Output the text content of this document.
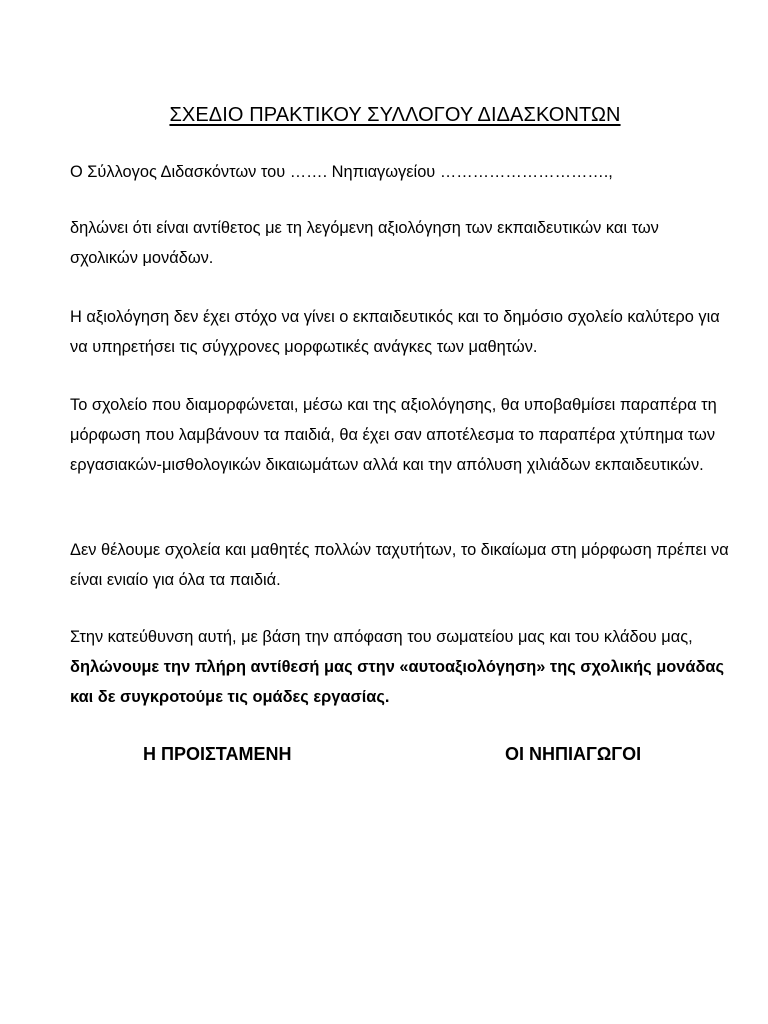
ΣΧΕΔΙΟ ΠΡΑΚΤΙΚΟΥ ΣΥΛΛΟΓΟΥ ΔΙΔΑΣΚΟΝΤΩΝ

Ο Σύλλογος Διδασκόντων του ……. Νηπιαγωγείου ………………………….,

δηλώνει ότι είναι αντίθετος με τη λεγόμενη αξιολόγηση των εκπαιδευτικών και των σχολικών μονάδων.

Η αξιολόγηση δεν έχει στόχο να γίνει ο εκπαιδευτικός και το δημόσιο σχολείο καλύτερο για να υπηρετήσει τις σύγχρονες μορφωτικές ανάγκες των μαθητών.

Το σχολείο που διαμορφώνεται, μέσω και της αξιολόγησης, θα υποβαθμίσει παραπέρα τη μόρφωση που λαμβάνουν τα παιδιά, θα έχει σαν αποτέλεσμα το παραπέρα χτύπημα των εργασιακών-μισθολογικών δικαιωμάτων αλλά και την απόλυση χιλιάδων εκπαιδευτικών.

Δεν θέλουμε σχολεία και μαθητές πολλών ταχυτήτων, το δικαίωμα στη μόρφωση πρέπει να είναι ενιαίο για όλα τα παιδιά.

Στην κατεύθυνση αυτή, με βάση την απόφαση του σωματείου μας και του κλάδου μας, δηλώνουμε την πλήρη αντίθεσή μας στην «αυτοαξιολόγηση» της σχολικής μονάδας και δε συγκροτούμε τις ομάδες εργασίας.

Η ΠΡΟΙΣΤΑΜΕΝΗ	ΟΙ ΝΗΠΙΑΓΩΓΟΙ
